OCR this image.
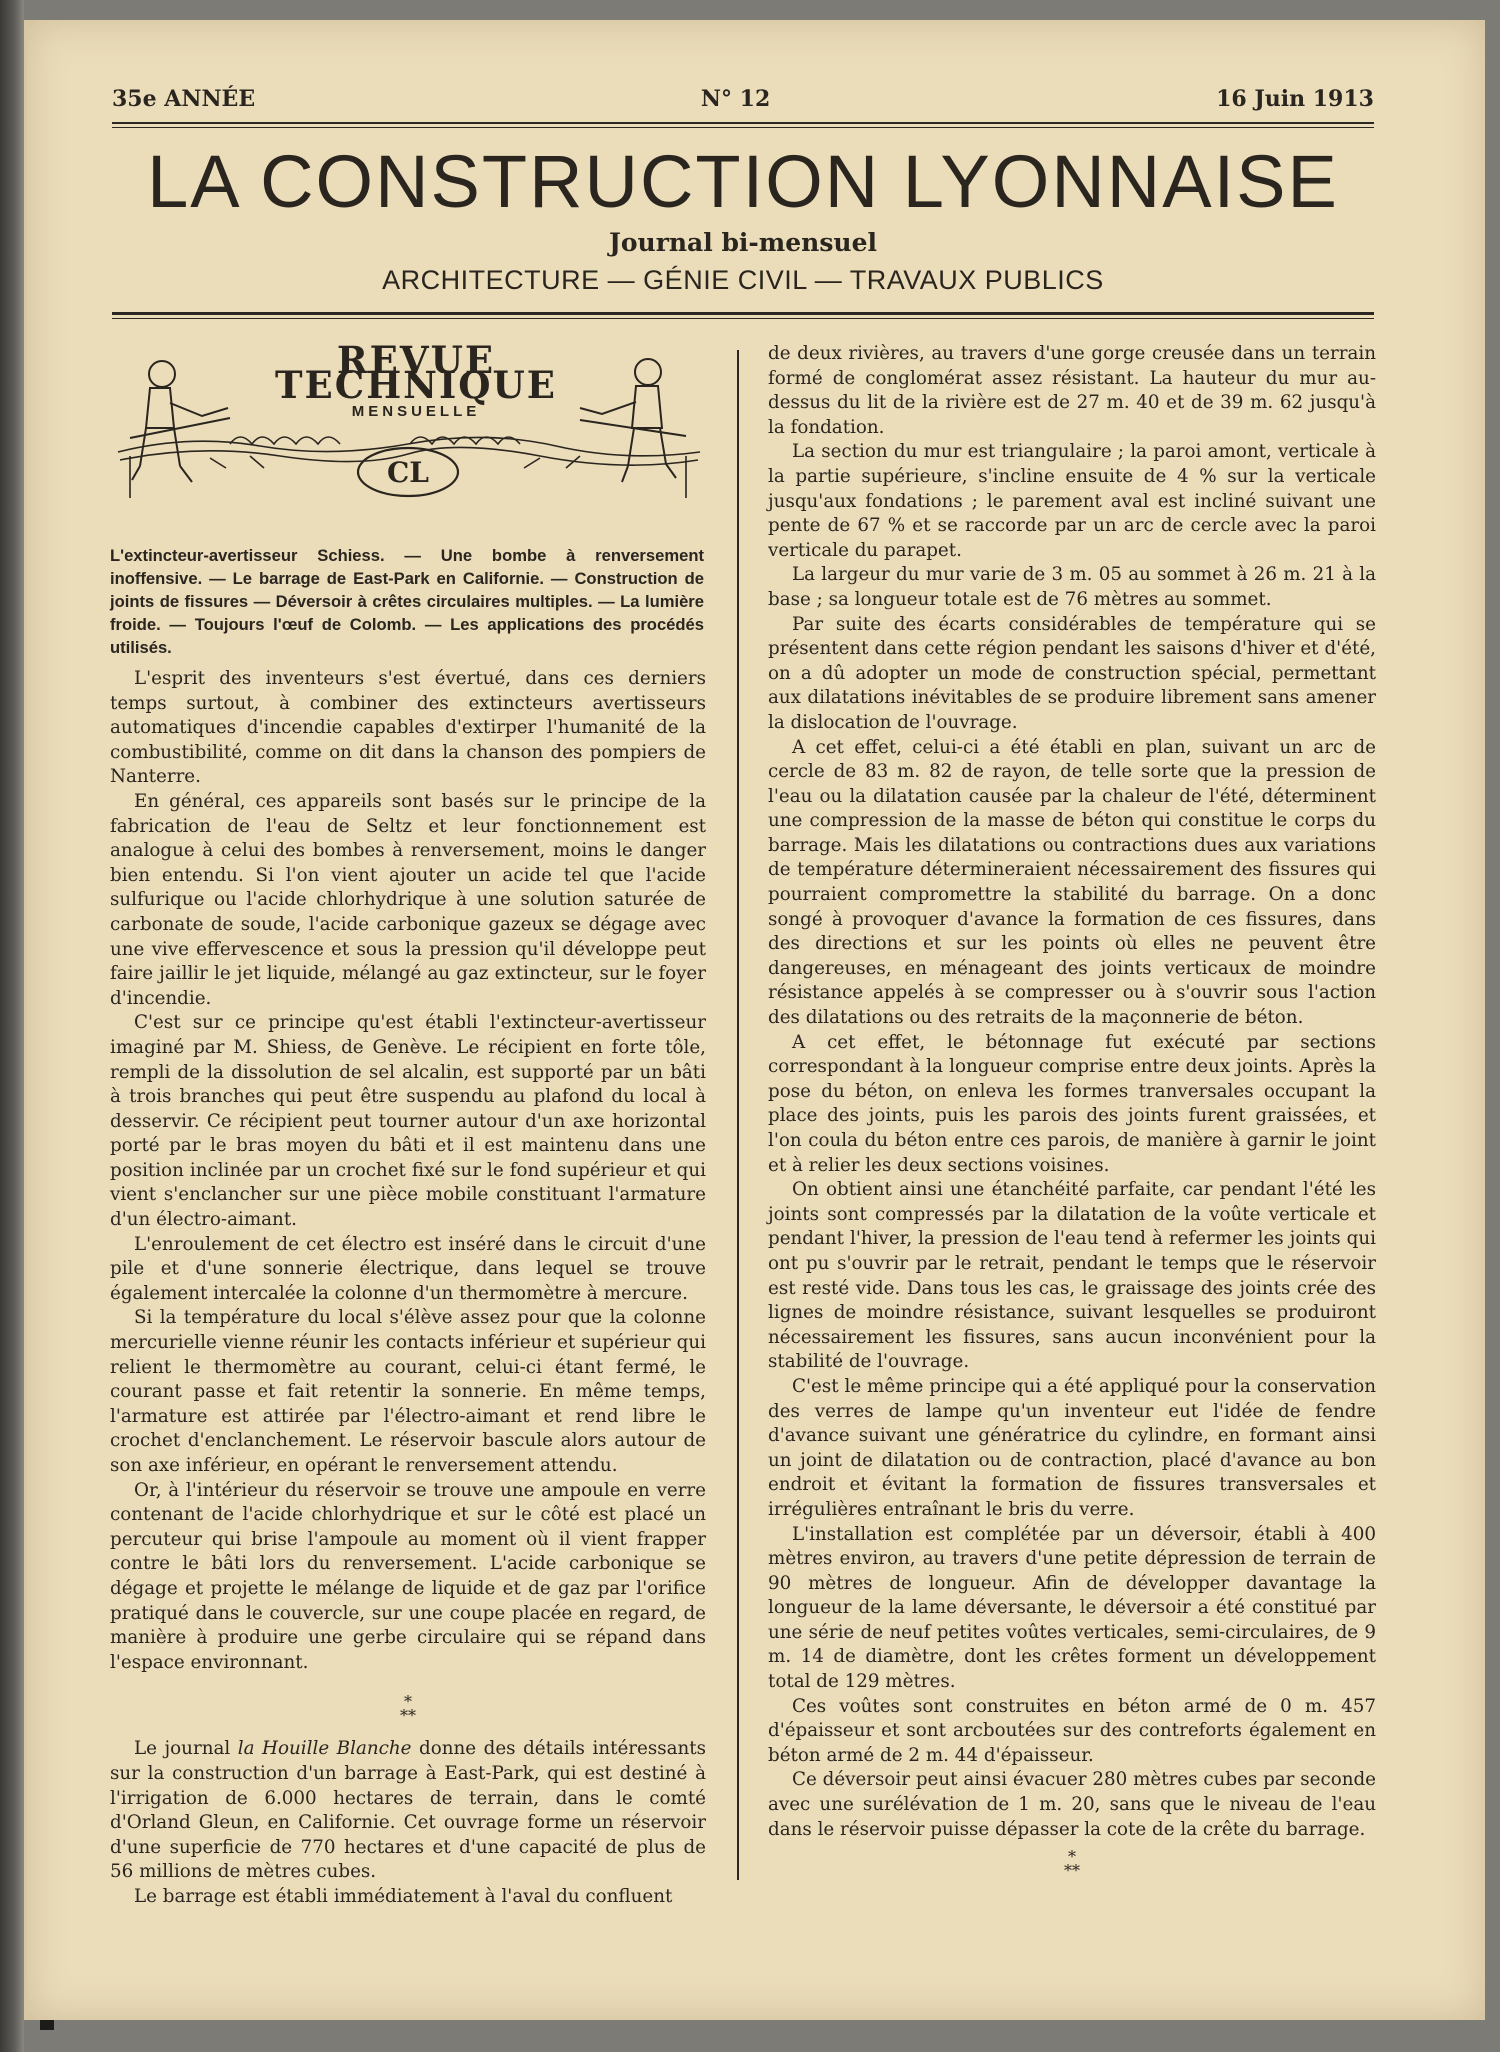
35e ANNÉE	N° 12	16 Juin 1913
LA CONSTRUCTION LYONNAISE
Journal bi-mensuel
ARCHITECTURE — GÉNIE CIVIL — TRAVAUX PUBLICS
CL
REVUE TECHNIQUE
MENSUELLE
L'extincteur-avertisseur Schiess. — Une bombe à renversement inoffensive. — Le barrage de East-Park en Californie. — Construction de joints de fissures — Déversoir à crêtes circulaires multiples. — La lumière froide. — Toujours l'œuf de Colomb. — Les applications des procédés utilisés.

L'esprit des inventeurs s'est évertué, dans ces derniers temps surtout, à combiner des extincteurs avertisseurs automatiques d'incendie capables d'extirper l'humanité de la combustibilité, comme on dit dans la chanson des pompiers de Nanterre.

En général, ces appareils sont basés sur le principe de la fabrication de l'eau de Seltz et leur fonctionnement est analogue à celui des bombes à renversement, moins le danger bien entendu. Si l'on vient ajouter un acide tel que l'acide sulfurique ou l'acide chlorhydrique à une solution saturée de carbonate de soude, l'acide carbonique gazeux se dégage avec une vive effervescence et sous la pression qu'il développe peut faire jaillir le jet liquide, mélangé au gaz extincteur, sur le foyer d'incendie.

C'est sur ce principe qu'est établi l'extincteur-avertisseur imaginé par M. Shiess, de Genève. Le récipient en forte tôle, rempli de la dissolution de sel alcalin, est supporté par un bâti à trois branches qui peut être suspendu au plafond du local à desservir. Ce récipient peut tourner autour d'un axe horizontal porté par le bras moyen du bâti et il est maintenu dans une position inclinée par un crochet fixé sur le fond supérieur et qui vient s'enclancher sur une pièce mobile constituant l'armature d'un électro-aimant.

L'enroulement de cet électro est inséré dans le circuit d'une pile et d'une sonnerie électrique, dans lequel se trouve également intercalée la colonne d'un thermomètre à mercure.

Si la température du local s'élève assez pour que la colonne mercurielle vienne réunir les contacts inférieur et supérieur qui relient le thermomètre au courant, celui-ci étant fermé, le courant passe et fait retentir la sonnerie. En même temps, l'armature est attirée par l'électro-aimant et rend libre le crochet d'enclanchement. Le réservoir bascule alors autour de son axe inférieur, en opérant le renversement attendu.

Or, à l'intérieur du réservoir se trouve une ampoule en verre contenant de l'acide chlorhydrique et sur le côté est placé un percuteur qui brise l'ampoule au moment où il vient frapper contre le bâti lors du renversement. L'acide carbonique se dégage et projette le mélange de liquide et de gaz par l'orifice pratiqué dans le couvercle, sur une coupe placée en regard, de manière à produire une gerbe circulaire qui se répand dans l'espace environnant.

*
**

Le journal la Houille Blanche donne des détails intéressants sur la construction d'un barrage à East-Park, qui est destiné à l'irrigation de 6.000 hectares de terrain, dans le comté d'Orland Gleun, en Californie. Cet ouvrage forme un réservoir d'une superficie de 770 hectares et d'une capacité de plus de 56 millions de mètres cubes.

Le barrage est établi immédiatement à l'aval du confluent

de deux rivières, au travers d'une gorge creusée dans un terrain formé de conglomérat assez résistant. La hauteur du mur au-dessus du lit de la rivière est de 27 m. 40 et de 39 m. 62 jusqu'à la fondation.

La section du mur est triangulaire ; la paroi amont, verticale à la partie supérieure, s'incline ensuite de 4 % sur la verticale jusqu'aux fondations ; le parement aval est incliné suivant une pente de 67 % et se raccorde par un arc de cercle avec la paroi verticale du parapet.

La largeur du mur varie de 3 m. 05 au sommet à 26 m. 21 à la base ; sa longueur totale est de 76 mètres au sommet.

Par suite des écarts considérables de température qui se présentent dans cette région pendant les saisons d'hiver et d'été, on a dû adopter un mode de construction spécial, permettant aux dilatations inévitables de se produire librement sans amener la dislocation de l'ouvrage.

A cet effet, celui-ci a été établi en plan, suivant un arc de cercle de 83 m. 82 de rayon, de telle sorte que la pression de l'eau ou la dilatation causée par la chaleur de l'été, déterminent une compression de la masse de béton qui constitue le corps du barrage. Mais les dilatations ou contractions dues aux variations de température détermineraient nécessairement des fissures qui pourraient compromettre la stabilité du barrage. On a donc songé à provoquer d'avance la formation de ces fissures, dans des directions et sur les points où elles ne peuvent être dangereuses, en ménageant des joints verticaux de moindre résistance appelés à se compresser ou à s'ouvrir sous l'action des dilatations ou des retraits de la maçonnerie de béton.

A cet effet, le bétonnage fut exécuté par sections correspondant à la longueur comprise entre deux joints. Après la pose du béton, on enleva les formes tranversales occupant la place des joints, puis les parois des joints furent graissées, et l'on coula du béton entre ces parois, de manière à garnir le joint et à relier les deux sections voisines.

On obtient ainsi une étanchéité parfaite, car pendant l'été les joints sont compressés par la dilatation de la voûte verticale et pendant l'hiver, la pression de l'eau tend à refermer les joints qui ont pu s'ouvrir par le retrait, pendant le temps que le réservoir est resté vide. Dans tous les cas, le graissage des joints crée des lignes de moindre résistance, suivant lesquelles se produiront nécessairement les fissures, sans aucun inconvénient pour la stabilité de l'ouvrage.

C'est le même principe qui a été appliqué pour la conservation des verres de lampe qu'un inventeur eut l'idée de fendre d'avance suivant une génératrice du cylindre, en formant ainsi un joint de dilatation ou de contraction, placé d'avance au bon endroit et évitant la formation de fissures transversales et irrégulières entraînant le bris du verre.

L'installation est complétée par un déversoir, établi à 400 mètres environ, au travers d'une petite dépression de terrain de 90 mètres de longueur. Afin de développer davantage la longueur de la lame déversante, le déversoir a été constitué par une série de neuf petites voûtes verticales, semi-circulaires, de 9 m. 14 de diamètre, dont les crêtes forment un développement total de 129 mètres.

Ces voûtes sont construites en béton armé de 0 m. 457 d'épaisseur et sont arcboutées sur des contreforts également en béton armé de 2 m. 44 d'épaisseur.

Ce déversoir peut ainsi évacuer 280 mètres cubes par seconde avec une surélévation de 1 m. 20, sans que le niveau de l'eau dans le réservoir puisse dépasser la cote de la crête du barrage.

*
**
